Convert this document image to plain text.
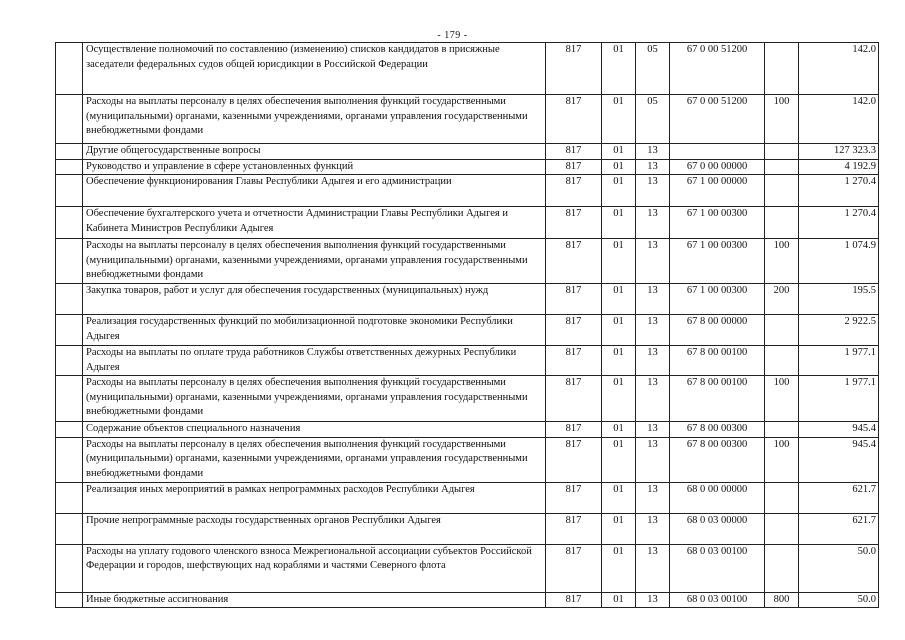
- 179 -
	Осуществление полномочий по составлению (изменению) списков кандидатов в присяжные заседатели федеральных судов общей юрисдикции в Российской Федерации	817	01	05	67 0 00 51200		142.0
	Расходы на выплаты персоналу в целях обеспечения выполнения функций государственными (муниципальными) органами, казенными учреждениями, органами управления государственными внебюджетными фондами	817	01	05	67 0 00 51200	100	142.0
	Другие общегосударственные вопросы	817	01	13			127 323.3
	Руководство и управление в сфере установленных функций	817	01	13	67 0 00 00000		4 192.9
	Обеспечение функционирования Главы Республики Адыгея и его администрации	817	01	13	67 1 00 00000		1 270.4
	Обеспечение бухгалтерского учета и отчетности Администрации Главы Республики Адыгея и Кабинета Министров Республики Адыгея	817	01	13	67 1 00 00300		1 270.4
	Расходы на выплаты персоналу в целях обеспечения выполнения функций государственными (муниципальными) органами, казенными учреждениями, органами управления государственными внебюджетными фондами	817	01	13	67 1 00 00300	100	1 074.9
	Закупка товаров, работ и услуг для обеспечения государственных (муниципальных) нужд	817	01	13	67 1 00 00300	200	195.5
	Реализация государственных функций по мобилизационной подготовке экономики Республики Адыгея	817	01	13	67 8 00 00000		2 922.5
	Расходы на выплаты по оплате труда работников Службы ответственных дежурных Республики Адыгея	817	01	13	67 8 00 00100		1 977.1
	Расходы на выплаты персоналу в целях обеспечения выполнения функций государственными (муниципальными) органами, казенными учреждениями, органами управления государственными внебюджетными фондами	817	01	13	67 8 00 00100	100	1 977.1
	Содержание объектов специального назначения	817	01	13	67 8 00 00300		945.4
	Расходы на выплаты персоналу в целях обеспечения выполнения функций государственными (муниципальными) органами, казенными учреждениями, органами управления государственными внебюджетными фондами	817	01	13	67 8 00 00300	100	945.4
	Реализация иных мероприятий в рамках непрограммных расходов Республики Адыгея	817	01	13	68 0 00 00000		621.7
	Прочие непрограммные расходы государственных органов Республики Адыгея	817	01	13	68 0 03 00000		621.7
	Расходы на уплату годового членского взноса Межрегиональной ассоциации субъектов Российской Федерации и городов, шефствующих над кораблями и частями Северного флота	817	01	13	68 0 03 00100		50.0
	Иные бюджетные ассигнования	817	01	13	68 0 03 00100	800	50.0
